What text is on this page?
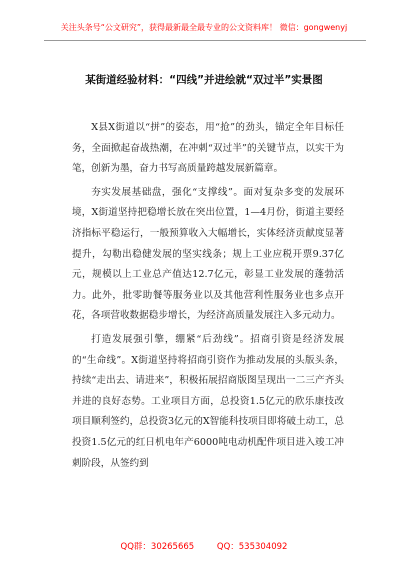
关注头条号“公文研究”，获得最新最全最专业的公文资料库！ 微信：gongwenyj
某街道经验材料：“四线”并进绘就“双过半”实景图

X县X街道以“拼”的姿态，用“抢”的劲头，锚定全年目标任务，全面掀起奋战热潮，在冲刺“双过半”的关键节点，以实干为笔，创新为墨，奋力书写高质量跨越发展新篇章。

夯实发展基础盘，强化“支撑线”。面对复杂多变的发展环境，X街道坚持把稳增长放在突出位置，1—4月份，街道主要经济指标平稳运行，一般预算收入大幅增长，实体经济贡献度显著提升，勾勒出稳健发展的坚实线条；规上工业应税开票9.37亿元，规模以上工业总产值达12.7亿元，彰显工业发展的蓬勃活力。此外，批零助餐等服务业以及其他营利性服务业也多点开花，各项营收数据稳步增长，为经济高质量发展注入多元动力。

打造发展强引擎，绷紧“后劲线”。招商引资是经济发展的“生命线”。X街道坚持将招商引资作为推动发展的头版头条，持续“走出去、请进来”，积极拓展招商版图呈现出一二三产齐头并进的良好态势。工业项目方面，总投资1.5亿元的欣乐康技改项目顺利签约，总投资3亿元的X智能科技项目即将破土动工，总投资1.5亿元的红日机电年产6000吨电动机配件项目进入竣工冲刺阶段，从签约到

QQ群：30265665	QQ：535304092
